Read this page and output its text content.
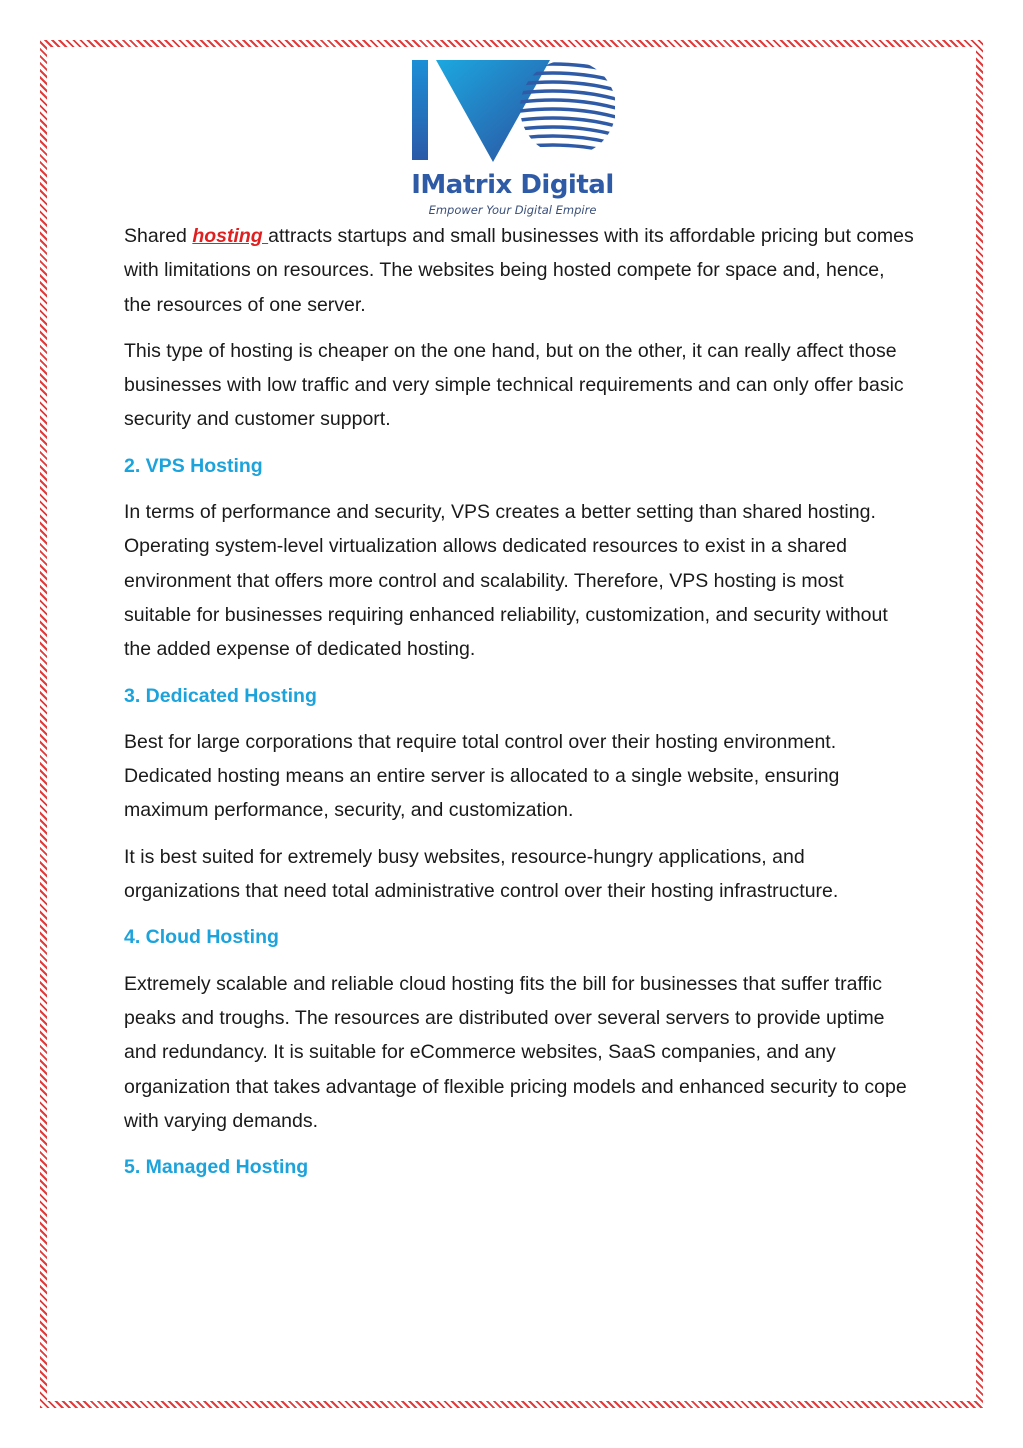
IMatrix Digital
Empower Your Digital Empire

Shared hosting attracts startups and small businesses with its affordable pricing but comes with limitations on resources. The websites being hosted compete for space and, hence, the resources of one server.

This type of hosting is cheaper on the one hand, but on the other, it can really affect those businesses with low traffic and very simple technical requirements and can only offer basic security and customer support.

2. VPS Hosting

In terms of performance and security, VPS creates a better setting than shared hosting. Operating system-level virtualization allows dedicated resources to exist in a shared environment that offers more control and scalability. Therefore, VPS hosting is most suitable for businesses requiring enhanced reliability, customization, and security without the added expense of dedicated hosting.

3. Dedicated Hosting

Best for large corporations that require total control over their hosting environment. Dedicated hosting means an entire server is allocated to a single website, ensuring maximum performance, security, and customization.

It is best suited for extremely busy websites, resource-hungry applications, and organizations that need total administrative control over their hosting infrastructure.

4. Cloud Hosting

Extremely scalable and reliable cloud hosting fits the bill for businesses that suffer traffic peaks and troughs. The resources are distributed over several servers to provide uptime and redundancy. It is suitable for eCommerce websites, SaaS companies, and any organization that takes advantage of flexible pricing models and enhanced security to cope with varying demands.

5. Managed Hosting
